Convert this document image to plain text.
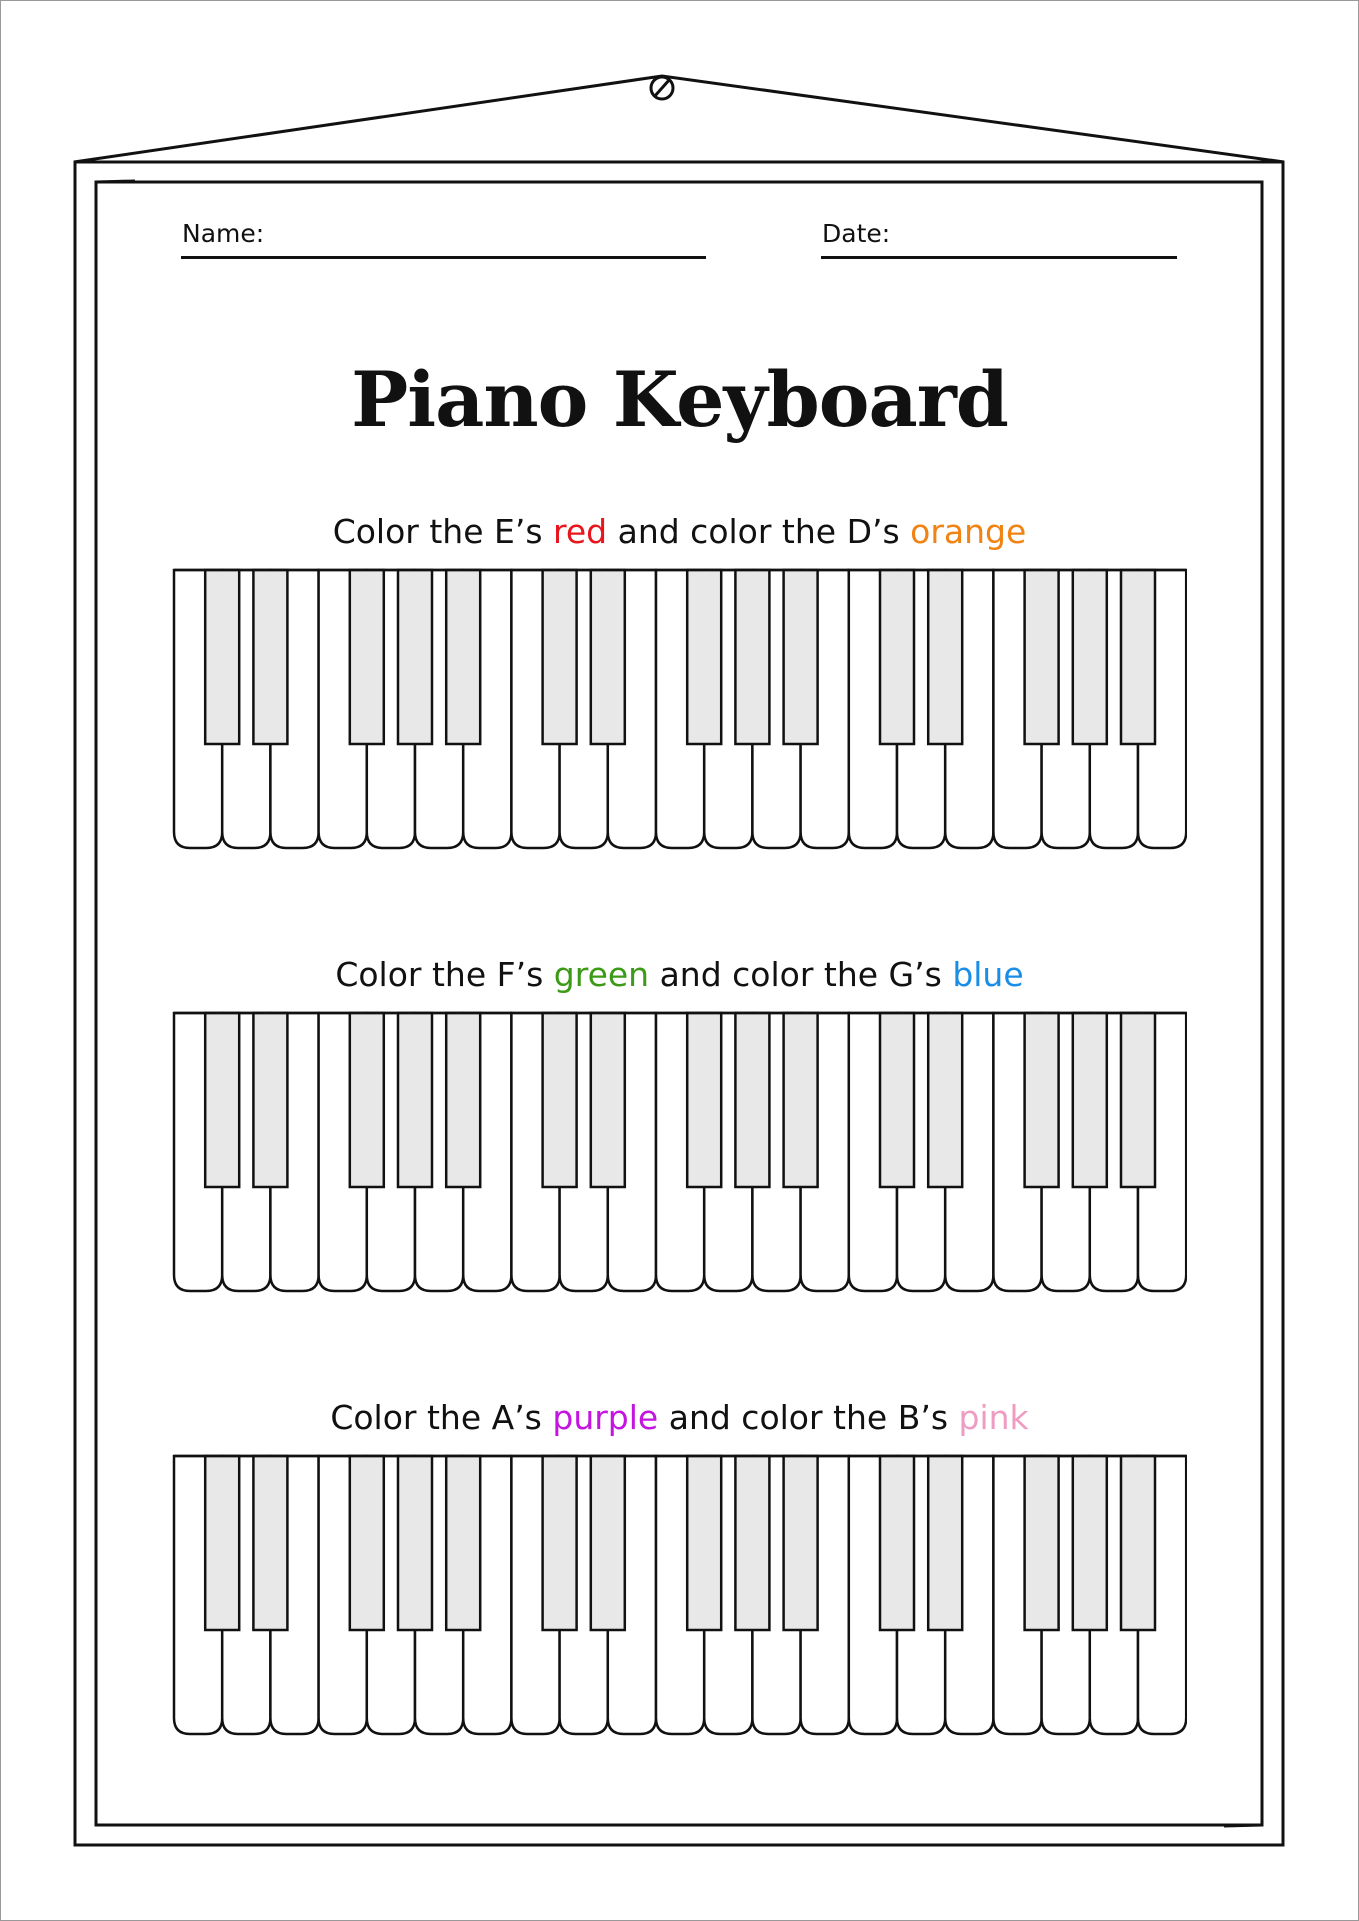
Name:	Date:
Piano Keyboard
Color the E’s red and color the D’s orange
Color the F’s green and color the G’s blue
Color the A’s purple and color the B’s pink
